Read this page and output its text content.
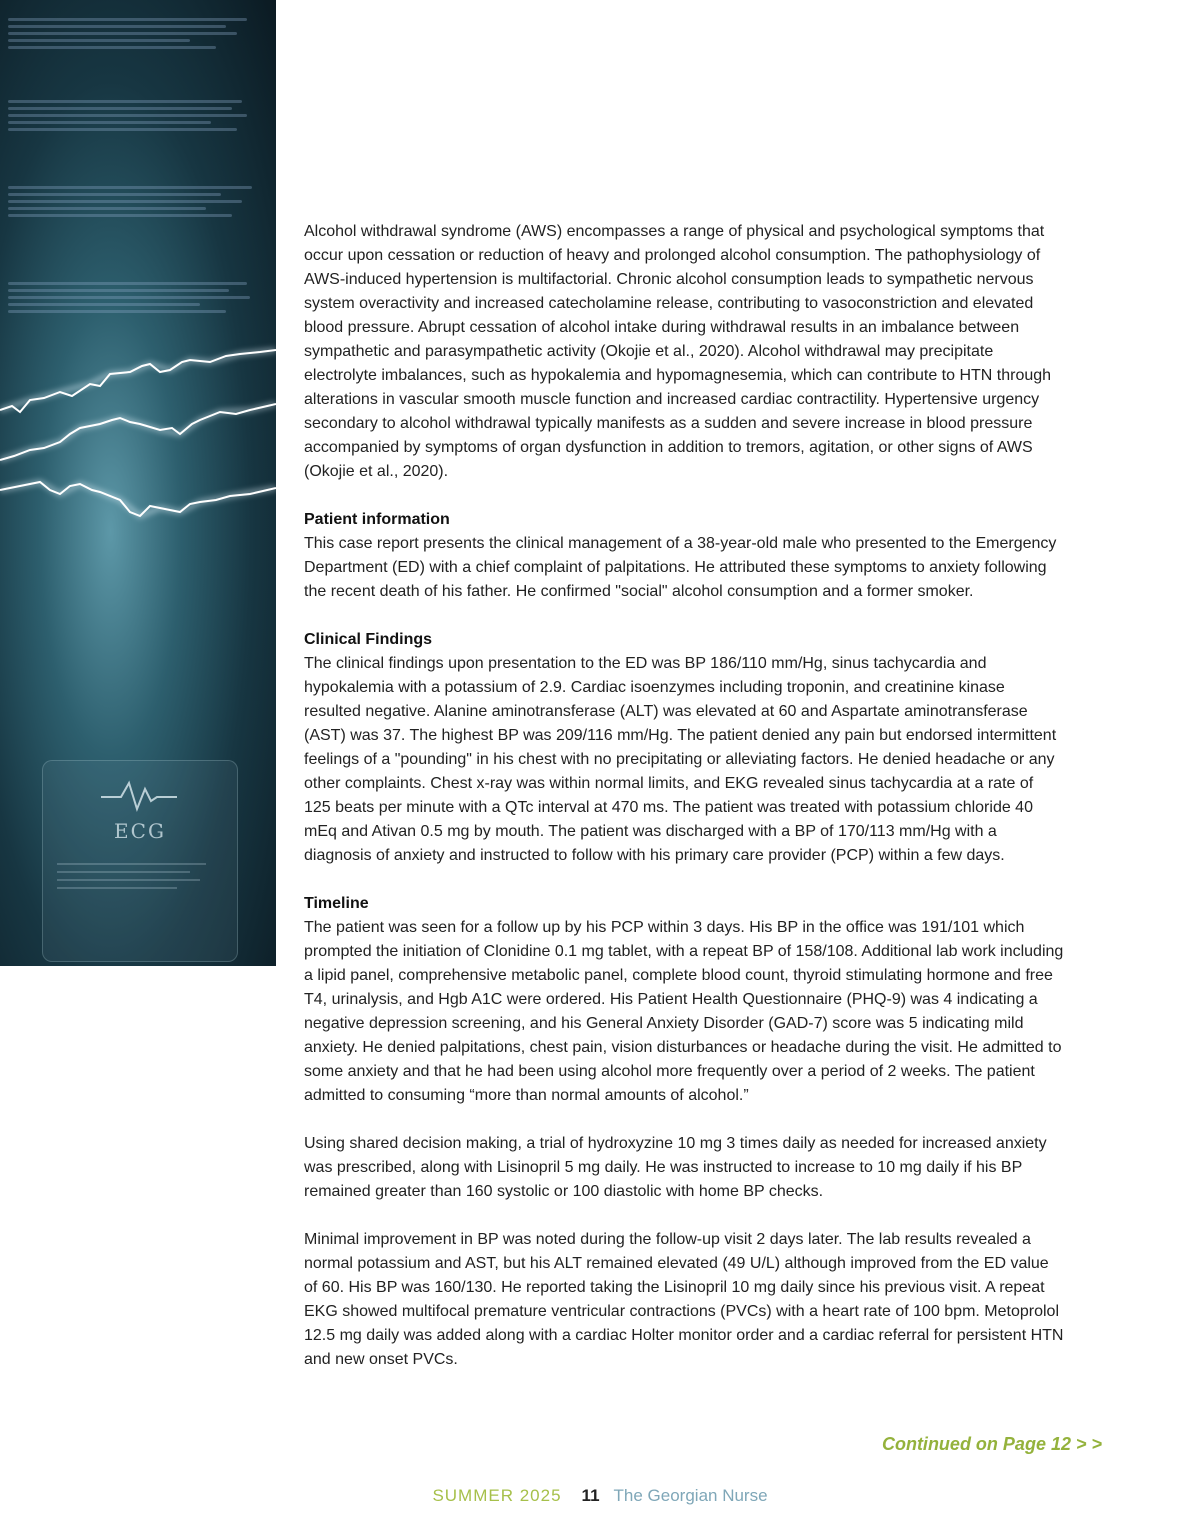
ECG

Alcohol withdrawal syndrome (AWS) encompasses a range of physical and psychological symptoms that occur upon cessation or reduction of heavy and prolonged alcohol consumption. The pathophysiology of AWS-induced hypertension is multifactorial. Chronic alcohol consumption leads to sympathetic nervous system overactivity and increased catecholamine release, contributing to vasoconstriction and elevated blood pressure. Abrupt cessation of alcohol intake during withdrawal results in an imbalance between sympathetic and parasympathetic activity (Okojie et al., 2020). Alcohol withdrawal may precipitate electrolyte imbalances, such as hypokalemia and hypomagnesemia, which can contribute to HTN through alterations in vascular smooth muscle function and increased cardiac contractility. Hypertensive urgency secondary to alcohol withdrawal typically manifests as a sudden and severe increase in blood pressure accompanied by symptoms of organ dysfunction in addition to tremors, agitation, or other signs of AWS (Okojie et al., 2020).

Patient information

This case report presents the clinical management of a 38-year-old male who presented to the Emergency Department (ED) with a chief complaint of palpitations. He attributed these symptoms to anxiety following the recent death of his father. He confirmed "social" alcohol consumption and a former smoker.

Clinical Findings

The clinical findings upon presentation to the ED was BP 186/110 mm/Hg, sinus tachycardia and hypokalemia with a potassium of 2.9. Cardiac isoenzymes including troponin, and creatinine kinase resulted negative. Alanine aminotransferase (ALT) was elevated at 60 and Aspartate aminotransferase (AST) was 37. The highest BP was 209/116 mm/Hg. The patient denied any pain but endorsed intermittent feelings of a "pounding" in his chest with no precipitating or alleviating factors. He denied headache or any other complaints. Chest x-ray was within normal limits, and EKG revealed sinus tachycardia at a rate of 125 beats per minute with a QTc interval at 470 ms. The patient was treated with potassium chloride 40 mEq and Ativan 0.5 mg by mouth. The patient was discharged with a BP of 170/113 mm/Hg with a diagnosis of anxiety and instructed to follow with his primary care provider (PCP) within a few days.

Timeline

The patient was seen for a follow up by his PCP within 3 days. His BP in the office was 191/101 which prompted the initiation of Clonidine 0.1 mg tablet, with a repeat BP of 158/108. Additional lab work including a lipid panel, comprehensive metabolic panel, complete blood count, thyroid stimulating hormone and free T4, urinalysis, and Hgb A1C were ordered. His Patient Health Questionnaire (PHQ-9) was 4 indicating a negative depression screening, and his General Anxiety Disorder (GAD-7) score was 5 indicating mild anxiety. He denied palpitations, chest pain, vision disturbances or headache during the visit. He admitted to some anxiety and that he had been using alcohol more frequently over a period of 2 weeks. The patient admitted to consuming “more than normal amounts of alcohol.”

Using shared decision making, a trial of hydroxyzine 10 mg 3 times daily as needed for increased anxiety was prescribed, along with Lisinopril 5 mg daily. He was instructed to increase to 10 mg daily if his BP remained greater than 160 systolic or 100 diastolic with home BP checks.

Minimal improvement in BP was noted during the follow-up visit 2 days later. The lab results revealed a normal potassium and AST, but his ALT remained elevated (49 U/L) although improved from the ED value of 60. His BP was 160/130. He reported taking the Lisinopril 10 mg daily since his previous visit. A repeat EKG showed multifocal premature ventricular contractions (PVCs) with a heart rate of 100 bpm. Metoprolol 12.5 mg daily was added along with a cardiac Holter monitor order and a cardiac referral for persistent HTN and new onset PVCs.

Continued on Page 12 > >
SUMMER 2025 11 The Georgian Nurse
